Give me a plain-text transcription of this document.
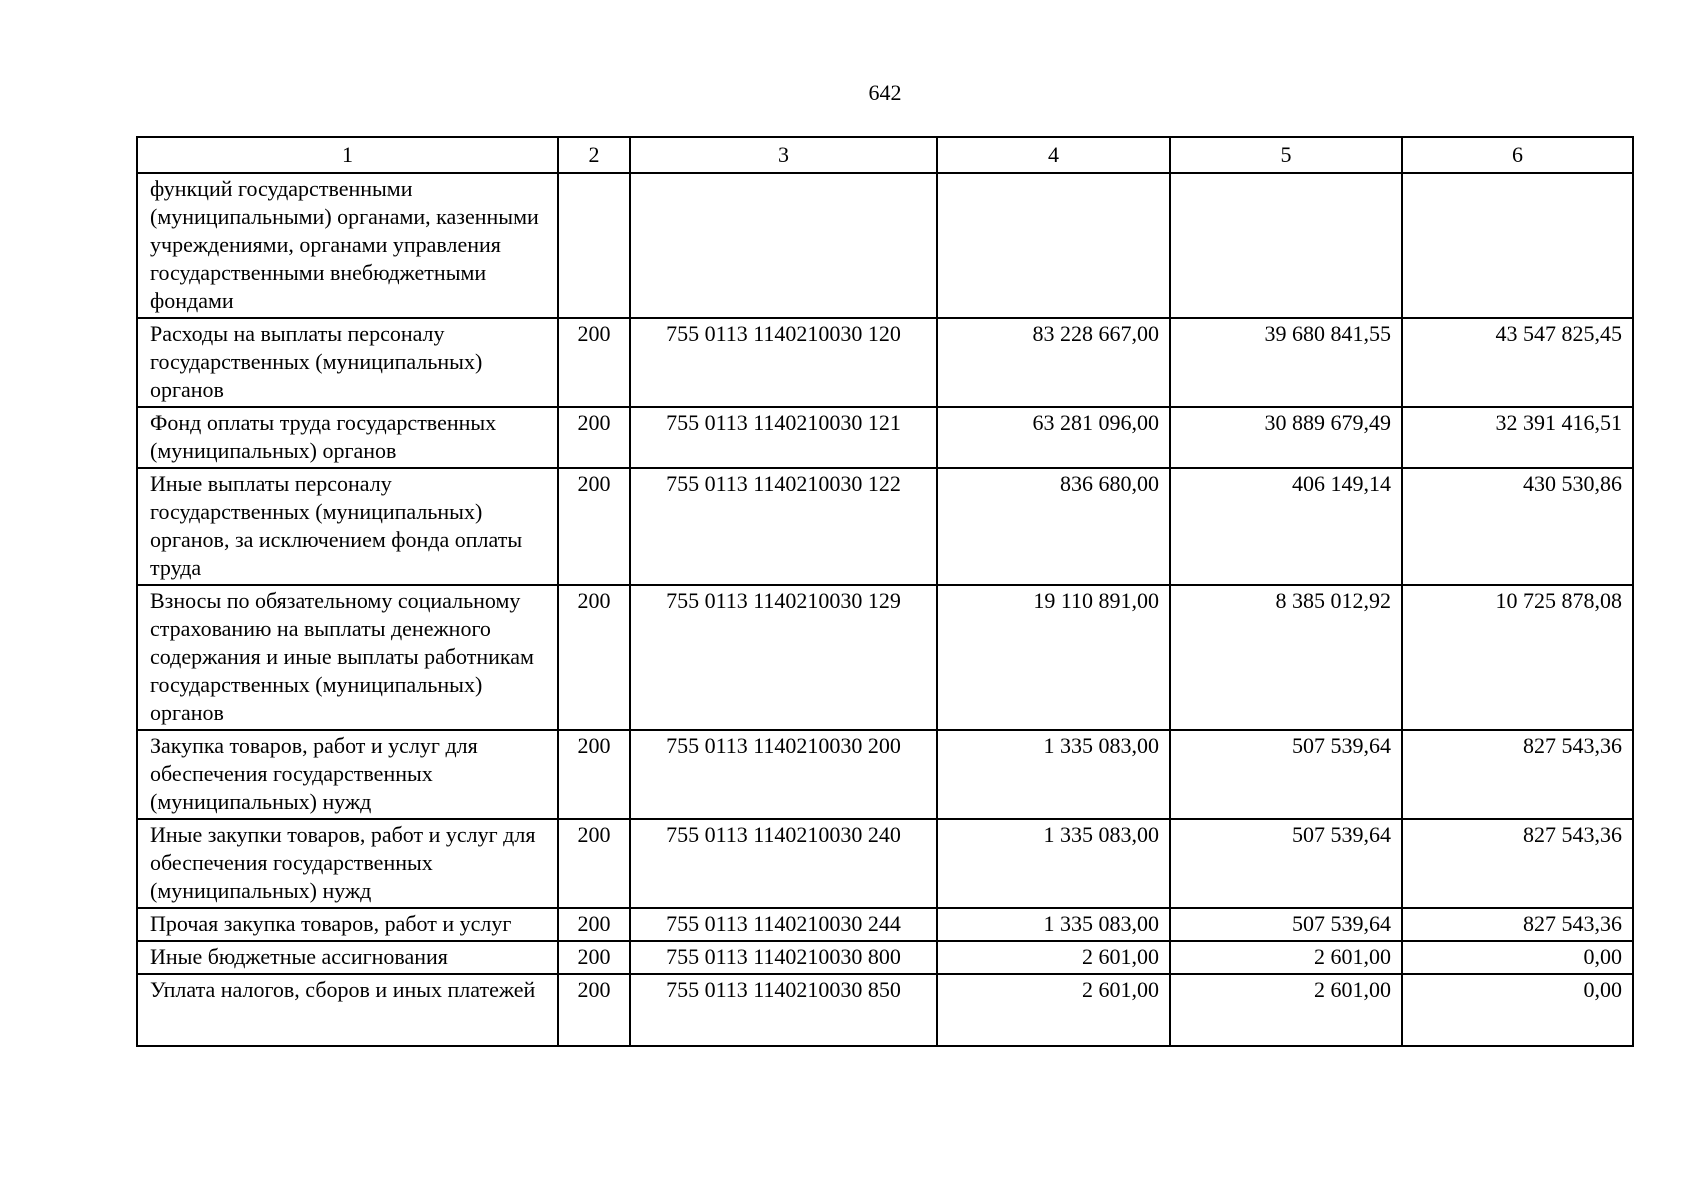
642
1	2	3	4	5	6
функций государственными (муниципальными) органами, казенными учреждениями, органами управления государственными внебюджетными фондами					
Расходы на выплаты персоналу государственных (муниципальных) органов	200	755 0113 1140210030 120	83 228 667,00	39 680 841,55	43 547 825,45
Фонд оплаты труда государственных (муниципальных) органов	200	755 0113 1140210030 121	63 281 096,00	30 889 679,49	32 391 416,51
Иные выплаты персоналу государственных (муниципальных) органов, за исключением фонда оплаты труда	200	755 0113 1140210030 122	836 680,00	406 149,14	430 530,86
Взносы по обязательному социальному страхованию на выплаты денежного содержания и иные выплаты работникам государственных (муниципальных) органов	200	755 0113 1140210030 129	19 110 891,00	8 385 012,92	10 725 878,08
Закупка товаров, работ и услуг для обеспечения государственных (муниципальных) нужд	200	755 0113 1140210030 200	1 335 083,00	507 539,64	827 543,36
Иные закупки товаров, работ и услуг для обеспечения государственных (муниципальных) нужд	200	755 0113 1140210030 240	1 335 083,00	507 539,64	827 543,36
Прочая закупка товаров, работ и услуг	200	755 0113 1140210030 244	1 335 083,00	507 539,64	827 543,36
Иные бюджетные ассигнования	200	755 0113 1140210030 800	2 601,00	2 601,00	0,00
Уплата налогов, сборов и иных платежей	200	755 0113 1140210030 850	2 601,00	2 601,00	0,00
